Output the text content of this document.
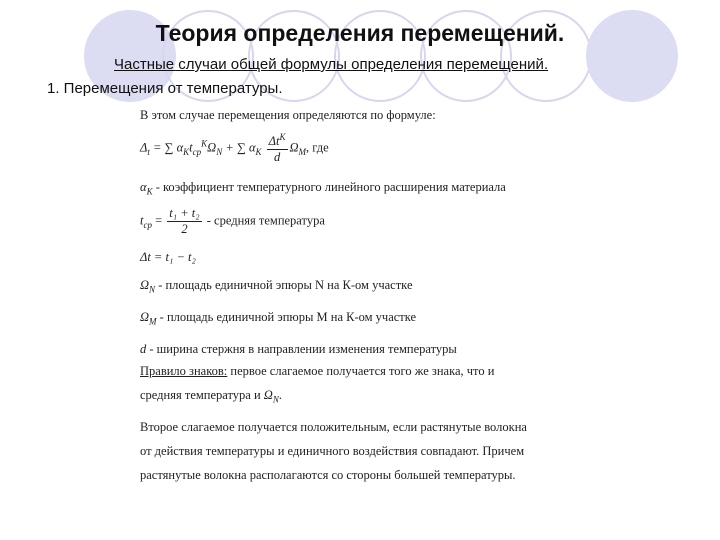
Теория определения перемещений.
Частные случаи общей формулы определения перемещений.
1. Перемещения от температуры.
В этом случае перемещения определяются по формуле:
$\Delta_t$ = ∑ $\alpha_Kt_{cp}^K\Omega_N$ + ∑ $\alpha_K \frac{\Delta t^K}{d} \Omega_M$, где
$\alpha_K$ - коэффициент температурного линейного расширения материала
$t_{cp} = \frac{\text{t₁ + t₂}}{2}$ - средняя температура
Δt = t₁ − t₂
$\Omega_N$ - площадь единичной эпюры N на К-ом участке
$\Omega_M$ - площадь единичной эпюры M на К-ом участке
d - ширина стержня в направлении изменения температуры
Правило знаков: первое слагаемое получается того же знака, что и
средняя температура и $\Omega_N$.
Второе слагаемое получается положительным, если растянутые волокна
от действия температуры и единичного воздействия совпадают. Причем
растянутые волокна располагаются со стороны большей температуры.
